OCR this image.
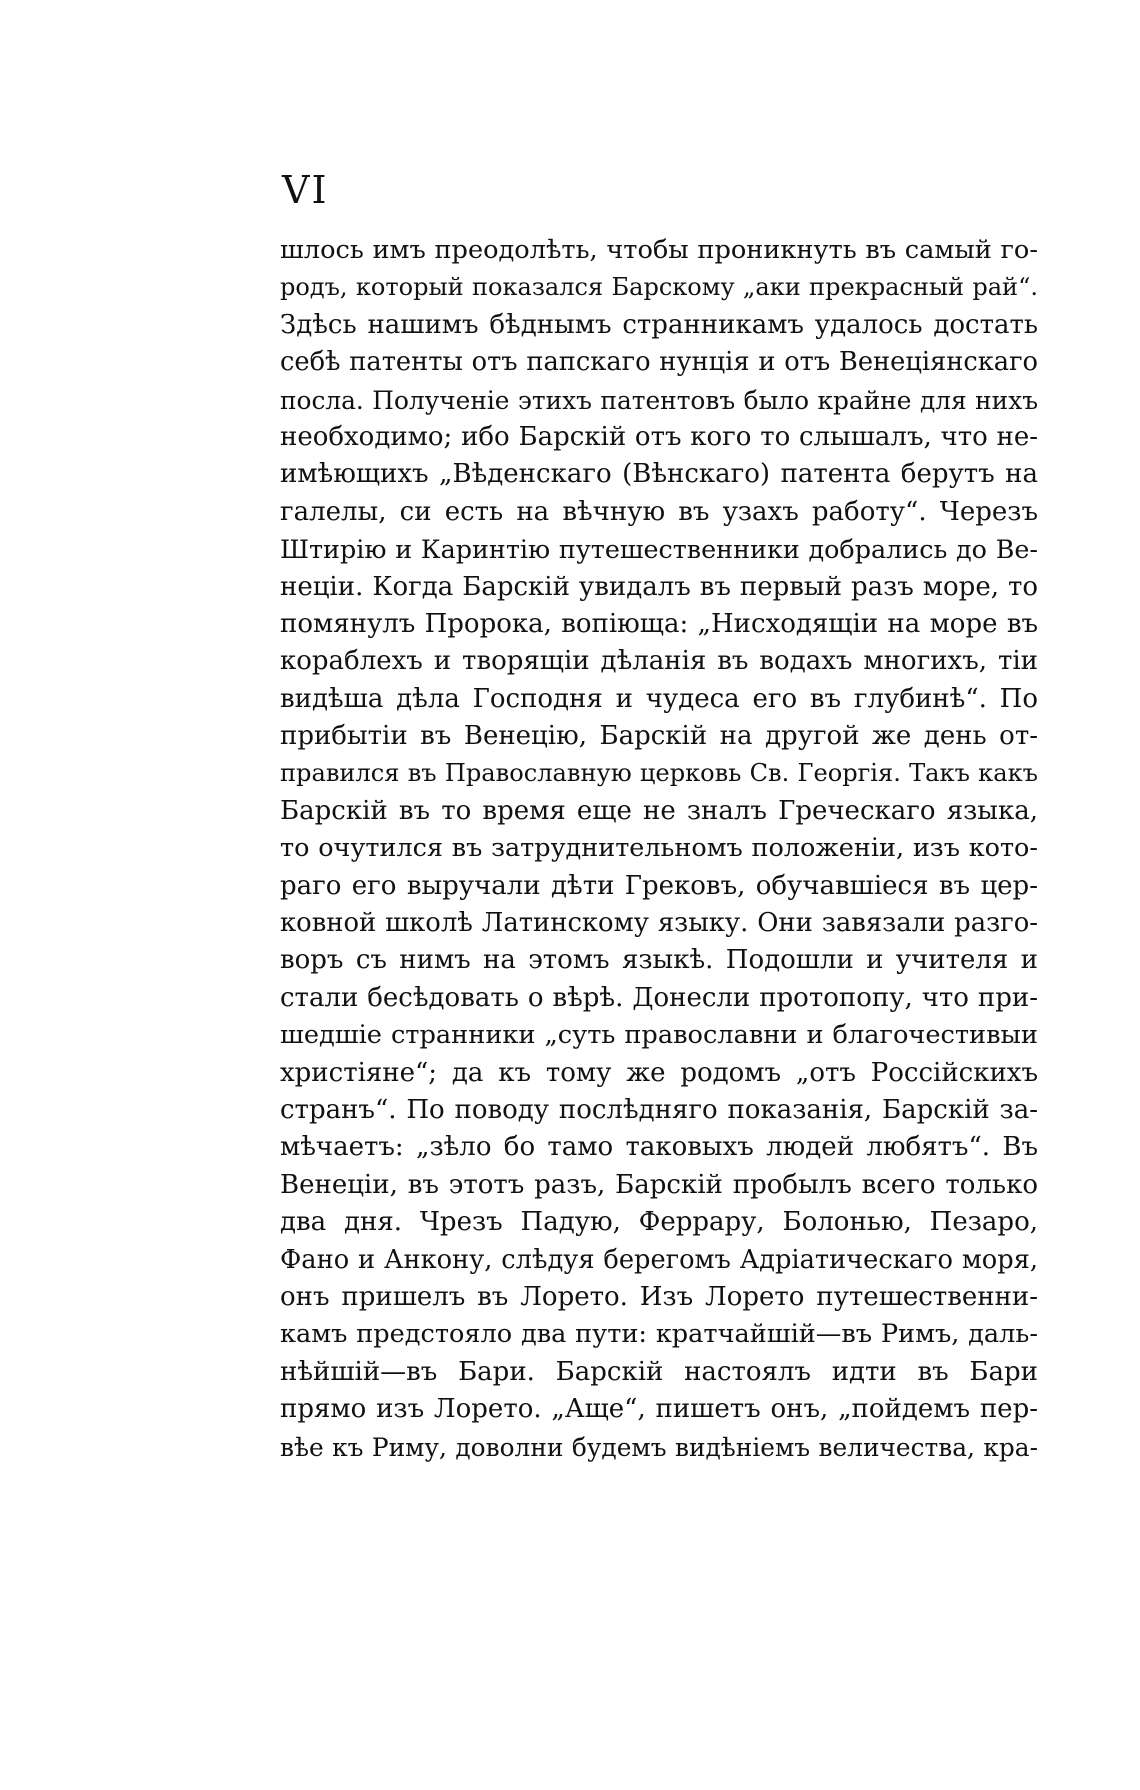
VI
шлось имъ преодолѣть, чтобы проникнуть въ самый го-
родъ, который показался Барскому „аки прекрасный рай“.
Здѣсь нашимъ бѣднымъ странникамъ удалось достать
себѣ патенты отъ папскаго нунція и отъ Венеціянскаго
посла. Полученіе этихъ патентовъ было крайне для нихъ
необходимо; ибо Барскій отъ кого то слышалъ, что не-
имѣющихъ „Вѣденскаго (Вѣнскаго) патента берутъ на
галелы, си есть на вѣчную въ узахъ работу“. Черезъ
Штирію и Каринтію путешественники добрались до Ве-
неціи. Когда Барскій увидалъ въ первый разъ море, то
помянулъ Пророка, вопіюща: „Нисходящіи на море въ
кораблехъ и творящіи дѣланія въ водахъ многихъ, тіи
видѣша дѣла Господня и чудеса его въ глубинѣ“. По
прибытіи въ Венецію, Барскій на другой же день от-
правился въ Православную церковь Св. Георгія. Такъ какъ
Барскій въ то время еще не зналъ Греческаго языка,
то очутился въ затруднительномъ положеніи, изъ кото-
раго его выручали дѣти Грековъ, обучавшіеся въ цер-
ковной школѣ Латинскому языку. Они завязали разго-
воръ съ нимъ на этомъ языкѣ. Подошли и учителя и
стали бесѣдовать о вѣрѣ. Донесли протопопу, что при-
шедшіе странники „суть православни и благочестивыи
христіяне“; да къ тому же родомъ „отъ Россійскихъ
странъ“. По поводу послѣдняго показанія, Барскій за-
мѣчаетъ: „зѣло бо тамо таковыхъ людей любятъ“. Въ
Венеціи, въ этотъ разъ, Барскій пробылъ всего только
два дня. Чрезъ Падую, Феррару, Болонью, Пезаро,
Фано и Анкону, слѣдуя берегомъ Адріатическаго моря,
онъ пришелъ въ Лорето. Изъ Лорето путешественни-
камъ предстояло два пути: кратчайшій—въ Римъ, даль-
нѣйшій—въ Бари. Барскій настоялъ идти въ Бари
прямо изъ Лорето. „Аще“, пишетъ онъ, „пойдемъ пер-
вѣе къ Риму, доволни будемъ видѣніемъ величества, кра-
